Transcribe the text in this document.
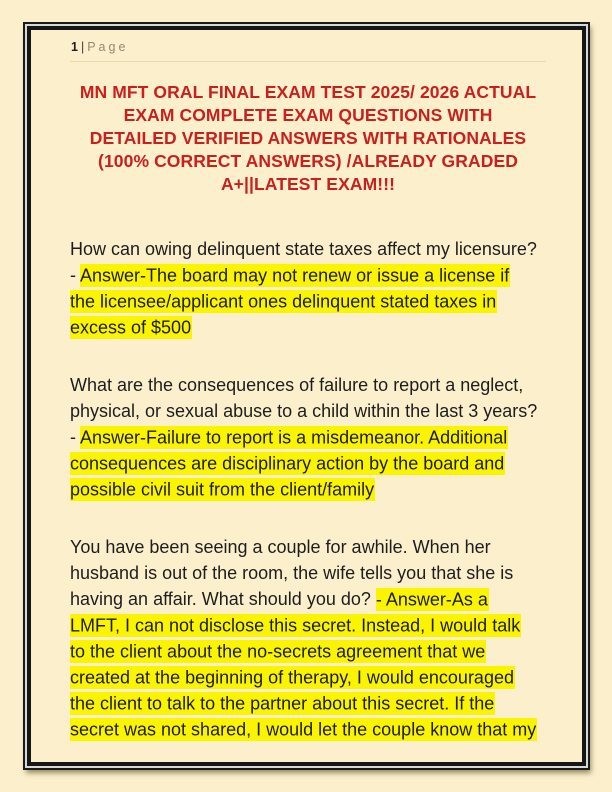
1|Page
MN MFT ORAL FINAL EXAM TEST 2025/ 2026 ACTUAL
EXAM COMPLETE EXAM QUESTIONS WITH
DETAILED VERIFIED ANSWERS WITH RATIONALES
(100% CORRECT ANSWERS) /ALREADY GRADED
A+||LATEST EXAM!!!
How can owing delinquent state taxes affect my licensure?
- Answer-The board may not renew or issue a license if
the licensee/applicant ones delinquent stated taxes in
excess of $500
What are the consequences of failure to report a neglect,
physical, or sexual abuse to a child within the last 3 years?
- Answer-Failure to report is a misdemeanor. Additional
consequences are disciplinary action by the board and
possible civil suit from the client/family
You have been seeing a couple for awhile. When her
husband is out of the room, the wife tells you that she is
having an affair. What should you do? - Answer-As a
LMFT, I can not disclose this secret. Instead, I would talk
to the client about the no-secrets agreement that we
created at the beginning of therapy, I would encouraged
the client to talk to the partner about this secret. If the
secret was not shared, I would let the couple know that my
